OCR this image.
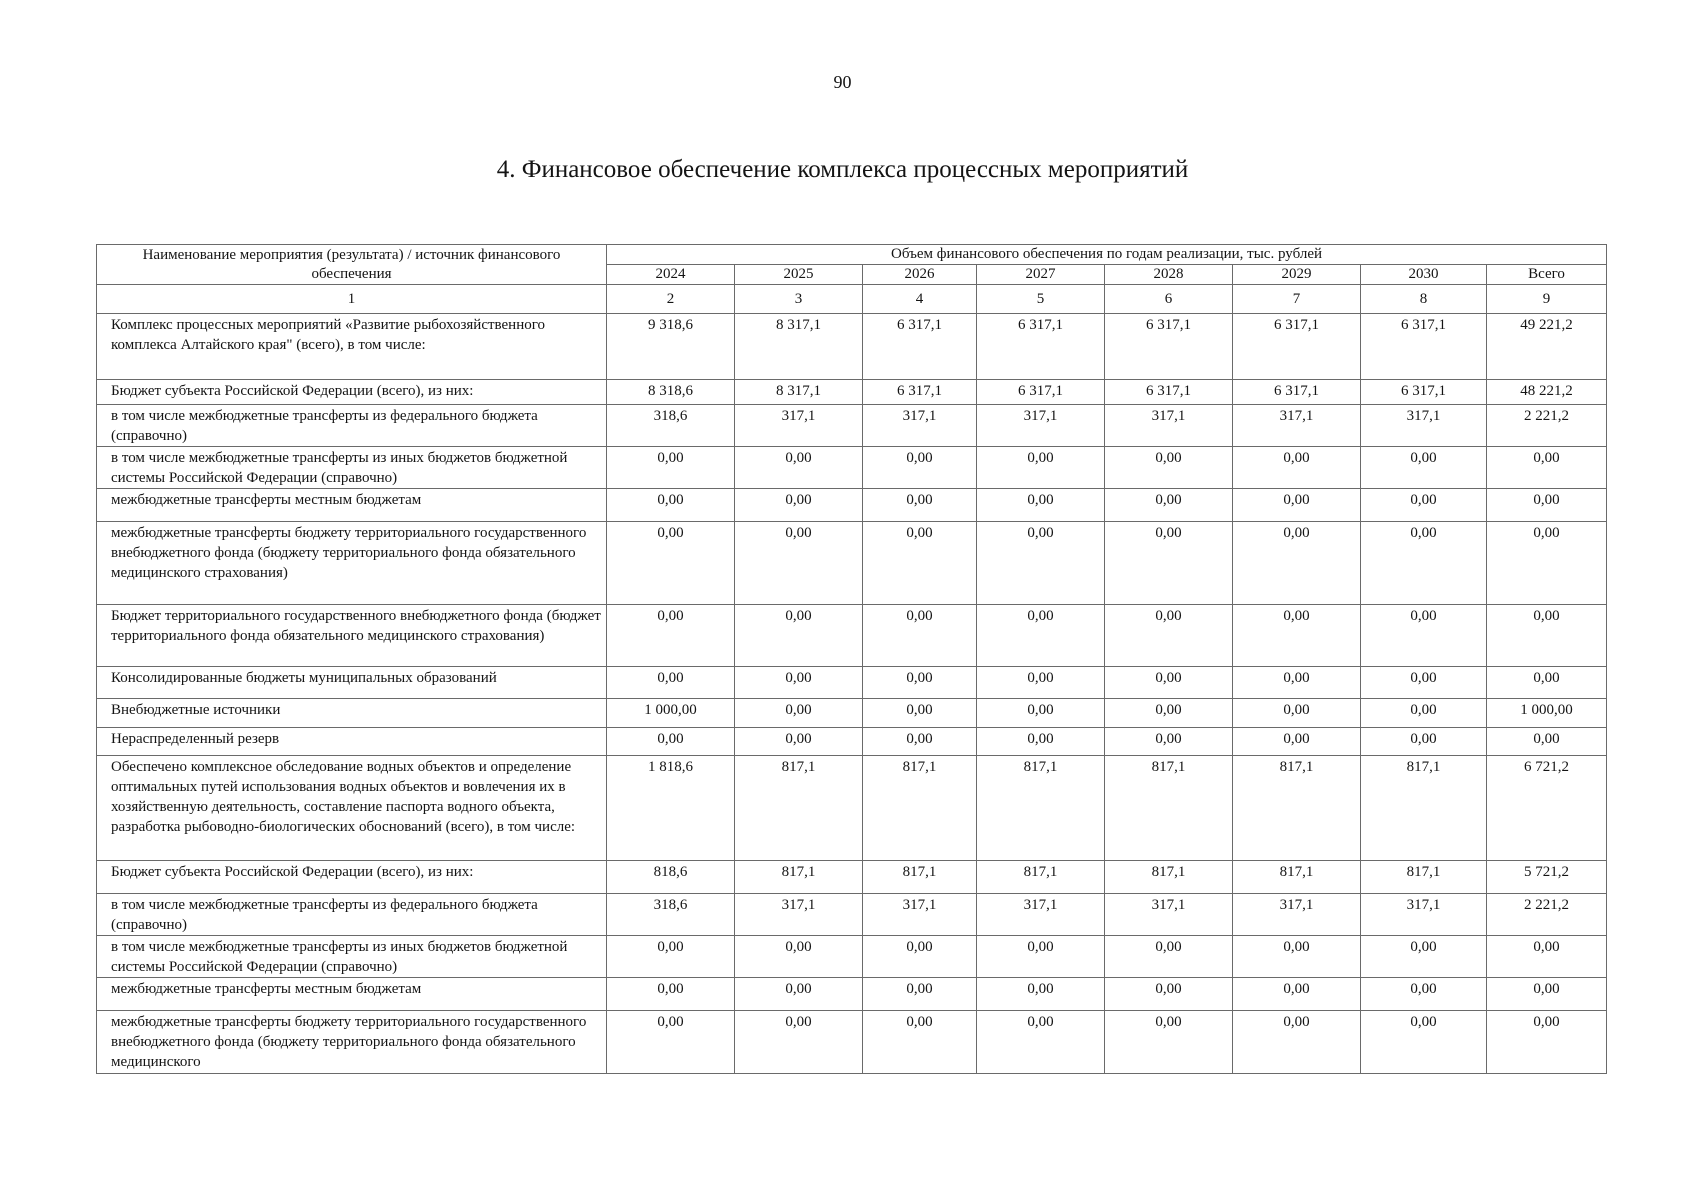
90
4. Финансовое обеспечение комплекса процессных мероприятий
Наименование мероприятия (результата) / источник финансового обеспечения	Объем финансового обеспечения по годам реализации, тыс. рублей							
	2024	2025	2026	2027	2028	2029	2030	Всего
1	2	3	4	5	6	7	8	9
Комплекс процессных мероприятий «Развитие рыбохозяйственного комплекса Алтайского края" (всего), в том числе:	9 318,6	8 317,1	6 317,1	6 317,1	6 317,1	6 317,1	6 317,1	49 221,2
Бюджет субъекта Российской Федерации (всего), из них:	8 318,6	8 317,1	6 317,1	6 317,1	6 317,1	6 317,1	6 317,1	48 221,2
в том числе межбюджетные трансферты из федерального бюджета (справочно)	318,6	317,1	317,1	317,1	317,1	317,1	317,1	2 221,2
в том числе межбюджетные трансферты из иных бюджетов бюджетной системы Российской Федерации (справочно)	0,00	0,00	0,00	0,00	0,00	0,00	0,00	0,00
межбюджетные трансферты местным бюджетам	0,00	0,00	0,00	0,00	0,00	0,00	0,00	0,00
межбюджетные трансферты бюджету территориального государственного внебюджетного фонда (бюджету территориального фонда обязательного медицинского страхования)	0,00	0,00	0,00	0,00	0,00	0,00	0,00	0,00
Бюджет территориального государственного внебюджетного фонда (бюджет территориального фонда обязательного медицинского страхования)	0,00	0,00	0,00	0,00	0,00	0,00	0,00	0,00
Консолидированные бюджеты муниципальных образований	0,00	0,00	0,00	0,00	0,00	0,00	0,00	0,00
Внебюджетные источники	1 000,00	0,00	0,00	0,00	0,00	0,00	0,00	1 000,00
Нераспределенный резерв	0,00	0,00	0,00	0,00	0,00	0,00	0,00	0,00
Обеспечено комплексное обследование водных объектов и определение оптимальных путей использования водных объектов и вовлечения их в хозяйственную деятельность, составление паспорта водного объекта, разработка рыбоводно-биологических обоснований (всего), в том числе:	1 818,6	817,1	817,1	817,1	817,1	817,1	817,1	6 721,2
Бюджет субъекта Российской Федерации (всего), из них:	818,6	817,1	817,1	817,1	817,1	817,1	817,1	5 721,2
в том числе межбюджетные трансферты из федерального бюджета (справочно)	318,6	317,1	317,1	317,1	317,1	317,1	317,1	2 221,2
в том числе межбюджетные трансферты из иных бюджетов бюджетной системы Российской Федерации (справочно)	0,00	0,00	0,00	0,00	0,00	0,00	0,00	0,00
межбюджетные трансферты местным бюджетам	0,00	0,00	0,00	0,00	0,00	0,00	0,00	0,00
межбюджетные трансферты бюджету территориального государственного внебюджетного фонда (бюджету территориального фонда обязательного медицинского	0,00	0,00	0,00	0,00	0,00	0,00	0,00	0,00
